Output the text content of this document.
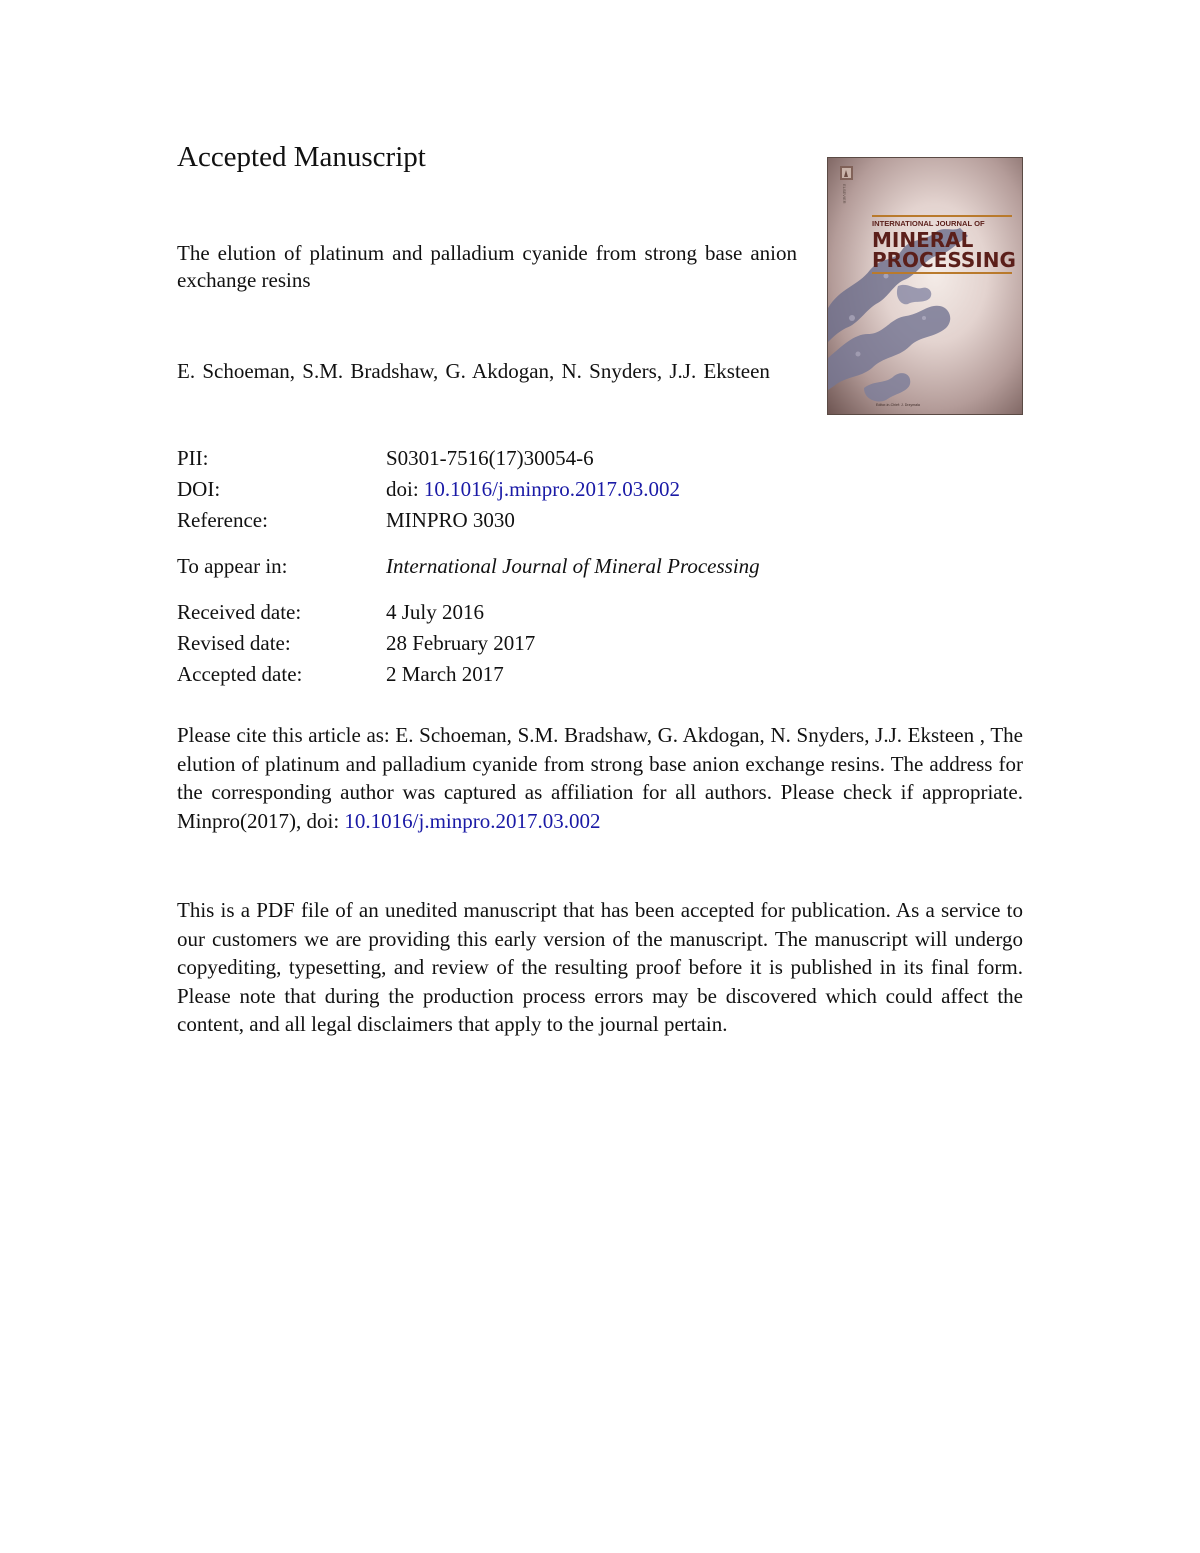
Accepted Manuscript
The elution of platinum and palladium cyanide from strong base anion exchange resins
E. Schoeman, S.M. Bradshaw, G. Akdogan, N. Snyders, J.J. Eksteen
ELSEVIER
INTERNATIONAL JOURNAL OF
MINERAL
PROCESSING
Editor-in-Chief: J. Drzymala
PII:	S0301-7516(17)30054-6
DOI:	doi: 10.1016/j.minpro.2017.03.002
Reference:	MINPRO 3030
To appear in:	International Journal of Mineral Processing
Received date:	4 July 2016
Revised date:	28 February 2017
Accepted date:	2 March 2017
Please cite this article as: E. Schoeman, S.M. Bradshaw, G. Akdogan, N. Snyders, J.J. Eksteen , The elution of platinum and palladium cyanide from strong base anion exchange resins. The address for the corresponding author was captured as affiliation for all authors. Please check if appropriate. Minpro(2017), doi: 10.1016/j.minpro.2017.03.002
This is a PDF file of an unedited manuscript that has been accepted for publication. As a service to our customers we are providing this early version of the manuscript. The manuscript will undergo copyediting, typesetting, and review of the resulting proof before it is published in its final form. Please note that during the production process errors may be discovered which could affect the content, and all legal disclaimers that apply to the journal pertain.
